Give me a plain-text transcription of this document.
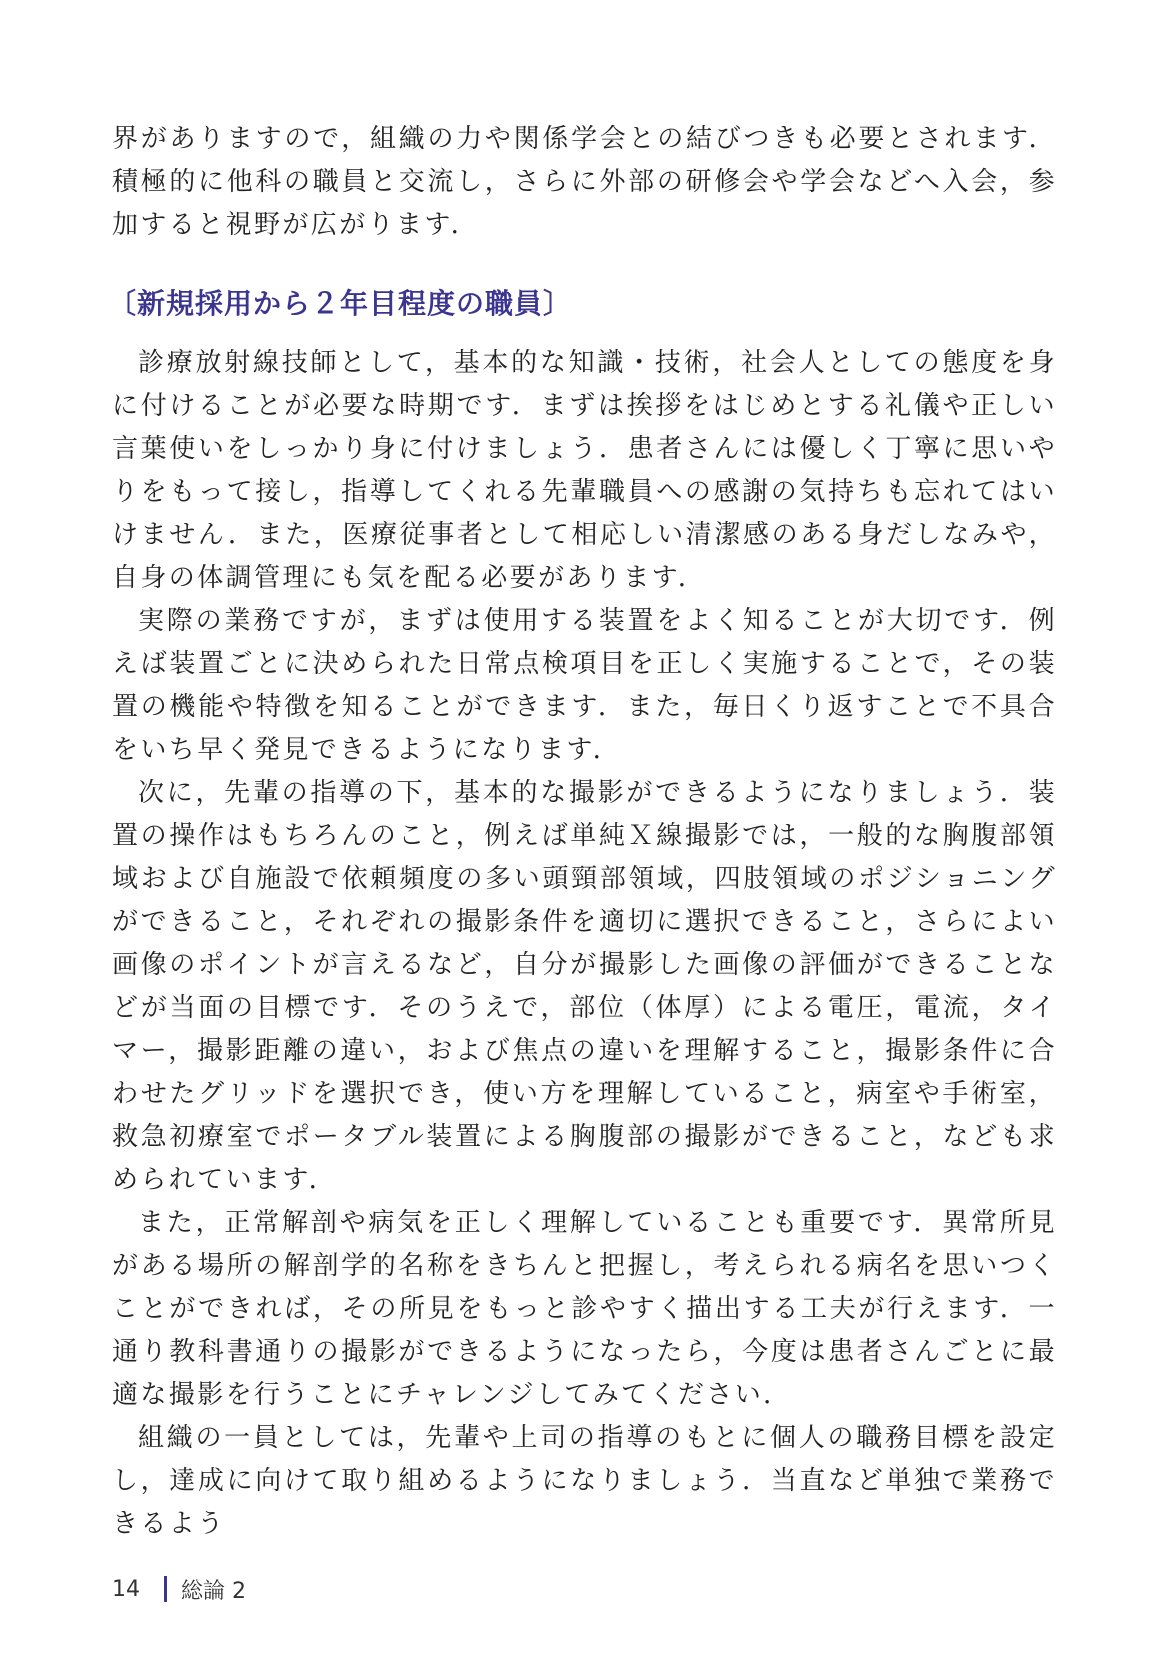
界がありますので，組織の力や関係学会との結びつきも必要とされます．積極的に他科の職員と交流し，さらに外部の研修会や学会などへ入会，参加すると視野が広がります．

〔新規採用から２年目程度の職員〕

診療放射線技師として，基本的な知識・技術，社会人としての態度を身に付けることが必要な時期です．まずは挨拶をはじめとする礼儀や正しい言葉使いをしっかり身に付けましょう．患者さんには優しく丁寧に思いやりをもって接し，指導してくれる先輩職員への感謝の気持ちも忘れてはいけません．また，医療従事者として相応しい清潔感のある身だしなみや，自身の体調管理にも気を配る必要があります．

実際の業務ですが，まずは使用する装置をよく知ることが大切です．例えば装置ごとに決められた日常点検項目を正しく実施することで，その装置の機能や特徴を知ることができます．また，毎日くり返すことで不具合をいち早く発見できるようになります．

次に，先輩の指導の下，基本的な撮影ができるようになりましょう．装置の操作はもちろんのこと，例えば単純Ｘ線撮影では，一般的な胸腹部領域および自施設で依頼頻度の多い頭頸部領域，四肢領域のポジショニングができること，それぞれの撮影条件を適切に選択できること，さらによい画像のポイントが言えるなど，自分が撮影した画像の評価ができることなどが当面の目標です．そのうえで，部位（体厚）による電圧，電流，タイマー，撮影距離の違い，および焦点の違いを理解すること，撮影条件に合わせたグリッドを選択でき，使い方を理解していること，病室や手術室，救急初療室でポータブル装置による胸腹部の撮影ができること，なども求められています．

また，正常解剖や病気を正しく理解していることも重要です．異常所見がある場所の解剖学的名称をきちんと把握し，考えられる病名を思いつくことができれば，その所見をもっと診やすく描出する工夫が行えます．一通り教科書通りの撮影ができるようになったら，今度は患者さんごとに最適な撮影を行うことにチャレンジしてみてください．

組織の一員としては，先輩や上司の指導のもとに個人の職務目標を設定し，達成に向けて取り組めるようになりましょう．当直など単独で業務できるよう

14 総論 2
